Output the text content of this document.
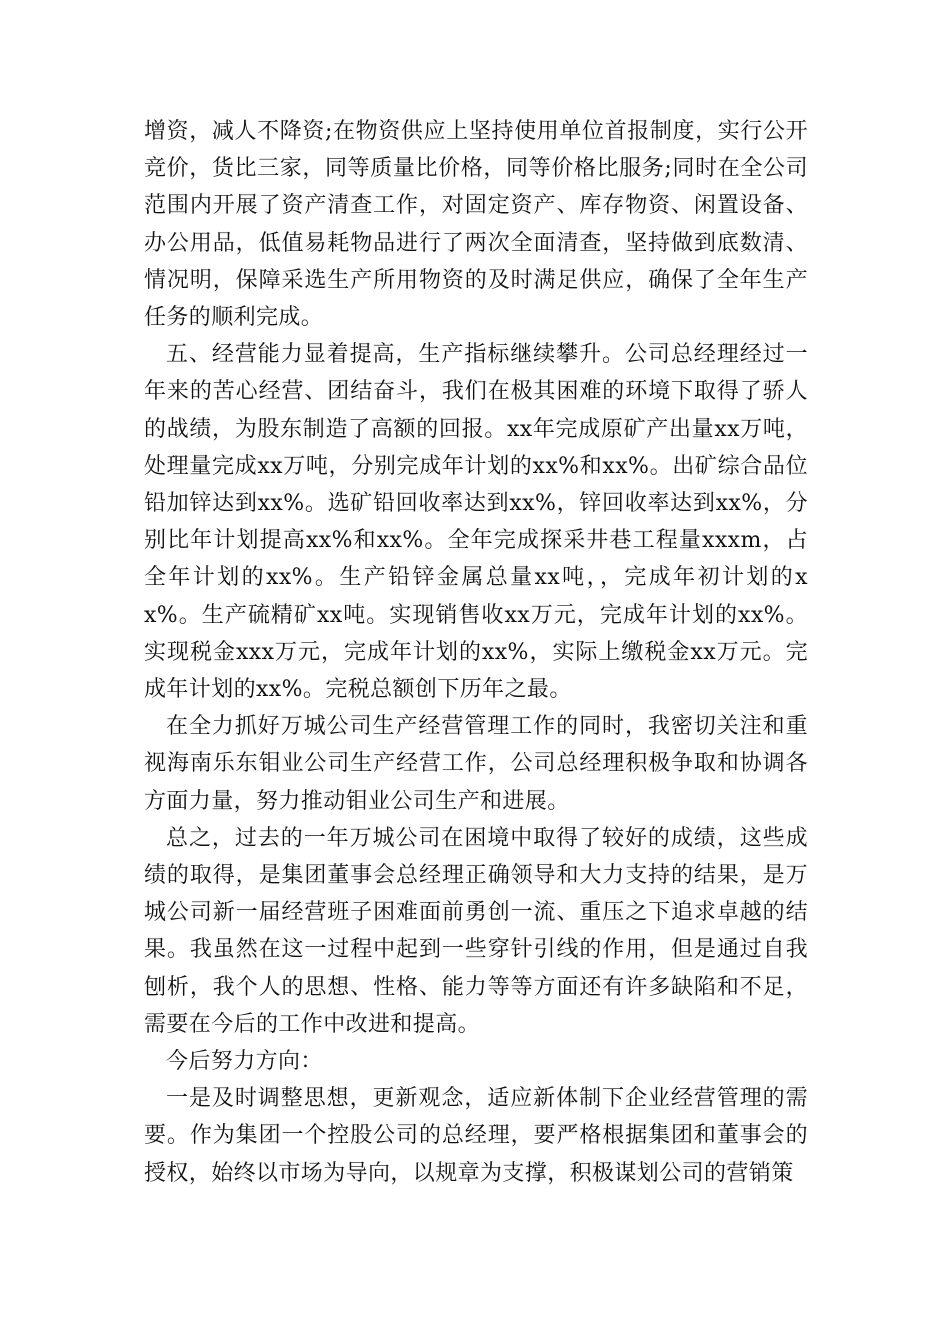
增资，减人不降资;在物资供应上坚持使用单位首报制度，实行公开竞价，货比三家，同等质量比价格，同等价格比服务;同时在全公司范围内开展了资产清查工作，对固定资产、库存物资、闲置设备、办公用品，低值易耗物品进行了两次全面清查，坚持做到底数清、情况明，保障采选生产所用物资的及时满足供应，确保了全年生产任务的顺利完成。

五、经营能力显着提高，生产指标继续攀升。公司总经理经过一年来的苦心经营、团结奋斗，我们在极其困难的环境下取得了骄人的战绩，为股东制造了高额的回报。xx年完成原矿产出量xx万吨，处理量完成xx万吨，分别完成年计划的xx%和xx%。出矿综合品位铅加锌达到xx%。选矿铅回收率达到xx%，锌回收率达到xx%，分别比年计划提高xx%和xx%。全年完成探采井巷工程量xxxm，占全年计划的xx%。生产铅锌金属总量xx吨，，完成年初计划的xx%。生产硫精矿xx吨。实现销售收xx万元，完成年计划的xx%。实现税金xxx万元，完成年计划的xx%，实际上缴税金xx万元。完成年计划的xx%。完税总额创下历年之最。

在全力抓好万城公司生产经营管理工作的同时，我密切关注和重视海南乐东钼业公司生产经营工作，公司总经理积极争取和协调各方面力量，努力推动钼业公司生产和进展。

总之，过去的一年万城公司在困境中取得了较好的成绩，这些成绩的取得，是集团董事会总经理正确领导和大力支持的结果，是万城公司新一届经营班子困难面前勇创一流、重压之下追求卓越的结果。我虽然在这一过程中起到一些穿针引线的作用，但是通过自我刨析，我个人的思想、性格、能力等等方面还有许多缺陷和不足，需要在今后的工作中改进和提高。

今后努力方向：

一是及时调整思想，更新观念，适应新体制下企业经营管理的需要。作为集团一个控股公司的总经理，要严格根据集团和董事会的授权，始终以市场为导向，以规章为支撑，积极谋划公司的营销策
